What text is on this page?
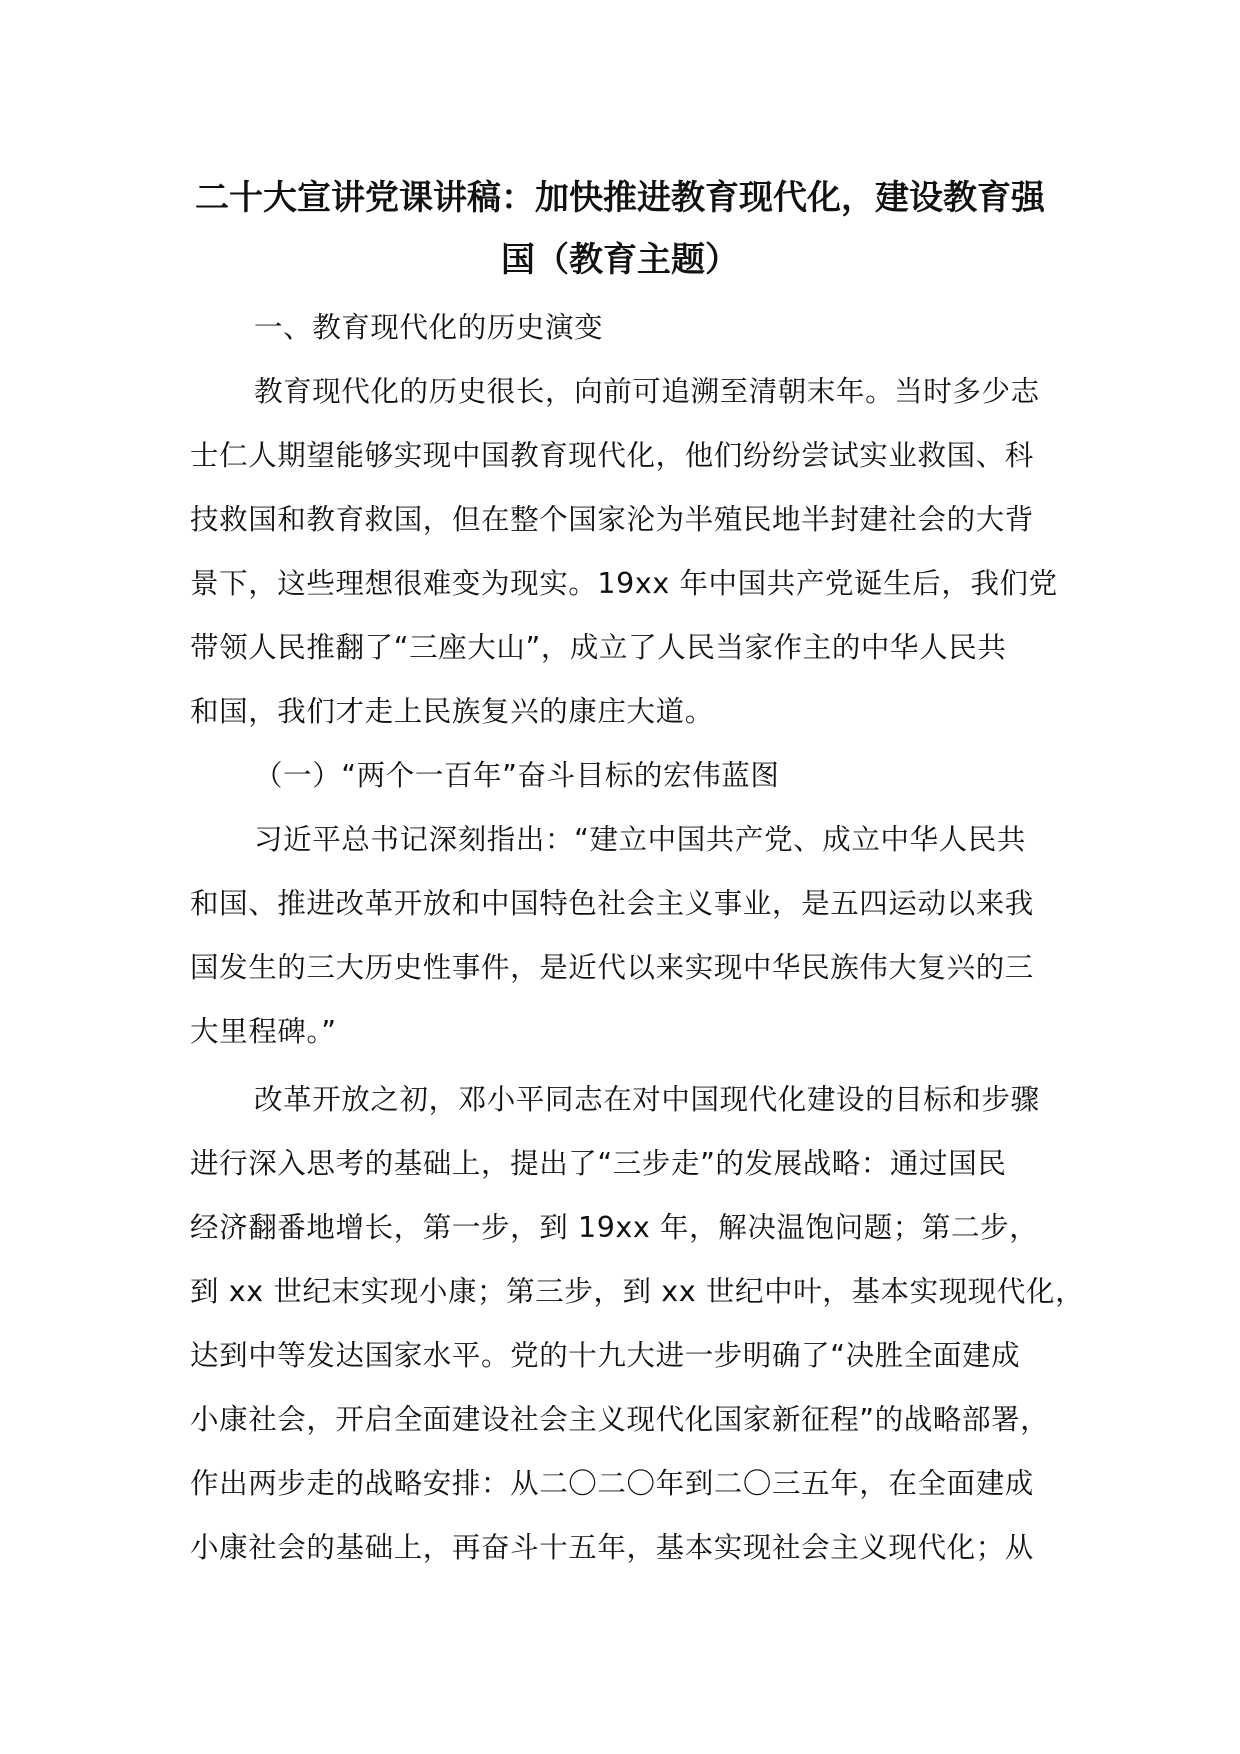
二十大宣讲党课讲稿：加快推进教育现代化，建设教育强
国（教育主题）
一、教育现代化的历史演变
教育现代化的历史很长，向前可追溯至清朝末年。当时多少志
士仁人期望能够实现中国教育现代化，他们纷纷尝试实业救国、科
技救国和教育救国，但在整个国家沦为半殖民地半封建社会的大背
景下，这些理想很难变为现实。19xx 年中国共产党诞生后，我们党
带领人民推翻了“三座大山”，成立了人民当家作主的中华人民共
和国，我们才走上民族复兴的康庄大道。
（一）“两个一百年”奋斗目标的宏伟蓝图
习近平总书记深刻指出：“建立中国共产党、成立中华人民共
和国、推进改革开放和中国特色社会主义事业，是五四运动以来我
国发生的三大历史性事件，是近代以来实现中华民族伟大复兴的三
大里程碑。”
改革开放之初，邓小平同志在对中国现代化建设的目标和步骤
进行深入思考的基础上，提出了“三步走”的发展战略：通过国民
经济翻番地增长，第一步，到 19xx 年，解决温饱问题；第二步，
到 xx 世纪末实现小康；第三步，到 xx 世纪中叶，基本实现现代化，
达到中等发达国家水平。党的十九大进一步明确了“决胜全面建成
小康社会，开启全面建设社会主义现代化国家新征程”的战略部署，
作出两步走的战略安排：从二〇二〇年到二〇三五年，在全面建成
小康社会的基础上，再奋斗十五年，基本实现社会主义现代化；从
